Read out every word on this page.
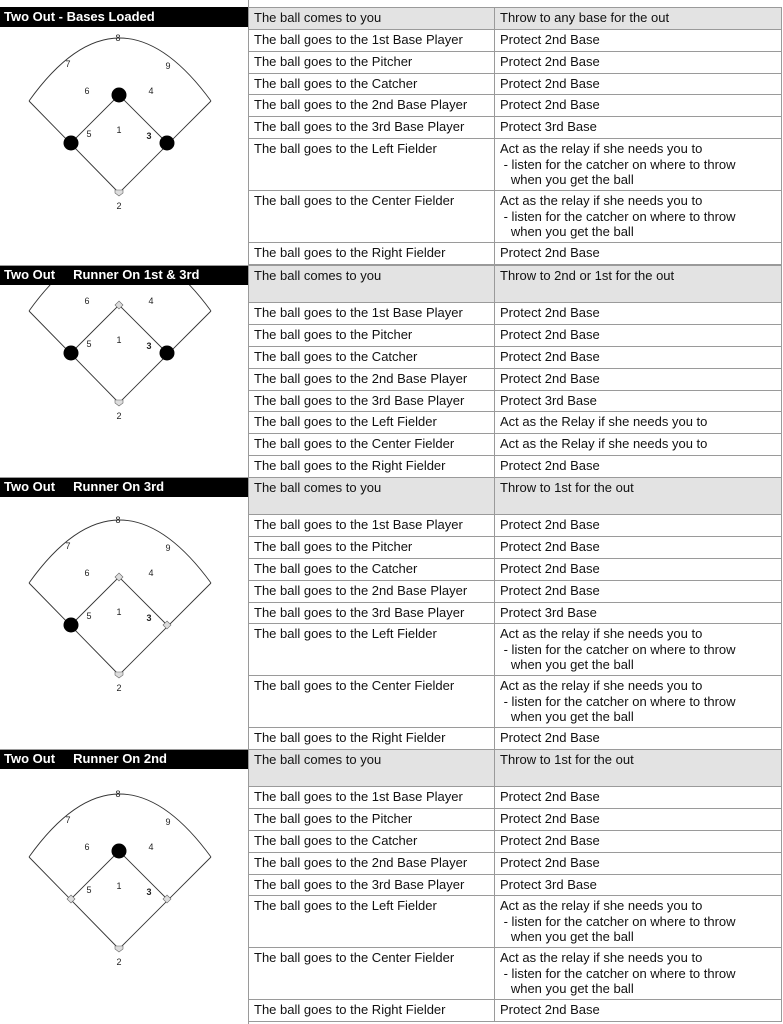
Two Out - Bases Loaded
1
2
3
4
5
6
7
8
9
The ball comes to you	Throw to any base for the out
The ball goes to the 1st Base Player	Protect 2nd Base
The ball goes to the Pitcher	Protect 2nd Base
The ball goes to the Catcher	Protect 2nd Base
The ball goes to the 2nd Base Player	Protect 2nd Base
The ball goes to the 3rd Base Player	Protect 3rd Base
The ball goes to the Left Fielder	Act as the relay if she needs you to
- listen for the catcher on where to throw
when you get the ball
The ball goes to the Center Fielder	Act as the relay if she needs you to
- listen for the catcher on where to throw
when you get the ball
The ball goes to the Right Fielder	Protect 2nd Base
Two Out     Runner On 1st & 3rd
1
2
3
4
5
6
The ball comes to you	Throw to 2nd or 1st for the out
The ball goes to the 1st Base Player	Protect 2nd Base
The ball goes to the Pitcher	Protect 2nd Base
The ball goes to the Catcher	Protect 2nd Base
The ball goes to the 2nd Base Player	Protect 2nd Base
The ball goes to the 3rd Base Player	Protect 3rd Base
The ball goes to the Left Fielder	Act as the Relay if she needs you to
The ball goes to the Center Fielder	Act as the Relay if she needs you to
The ball goes to the Right Fielder	Protect 2nd Base
Two Out     Runner On 3rd
1
2
3
4
5
6
7
8
9
The ball comes to you	Throw to 1st for the out
The ball goes to the 1st Base Player	Protect 2nd Base
The ball goes to the Pitcher	Protect 2nd Base
The ball goes to the Catcher	Protect 2nd Base
The ball goes to the 2nd Base Player	Protect 2nd Base
The ball goes to the 3rd Base Player	Protect 3rd Base
The ball goes to the Left Fielder	Act as the relay if she needs you to
- listen for the catcher on where to throw
when you get the ball
The ball goes to the Center Fielder	Act as the relay if she needs you to
- listen for the catcher on where to throw
when you get the ball
The ball goes to the Right Fielder	Protect 2nd Base
Two Out     Runner On 2nd
1
2
3
4
5
6
7
8
9
The ball comes to you	Throw to 1st for the out
The ball goes to the 1st Base Player	Protect 2nd Base
The ball goes to the Pitcher	Protect 2nd Base
The ball goes to the Catcher	Protect 2nd Base
The ball goes to the 2nd Base Player	Protect 2nd Base
The ball goes to the 3rd Base Player	Protect 3rd Base
The ball goes to the Left Fielder	Act as the relay if she needs you to
- listen for the catcher on where to throw
when you get the ball
The ball goes to the Center Fielder	Act as the relay if she needs you to
- listen for the catcher on where to throw
when you get the ball
The ball goes to the Right Fielder	Protect 2nd Base
